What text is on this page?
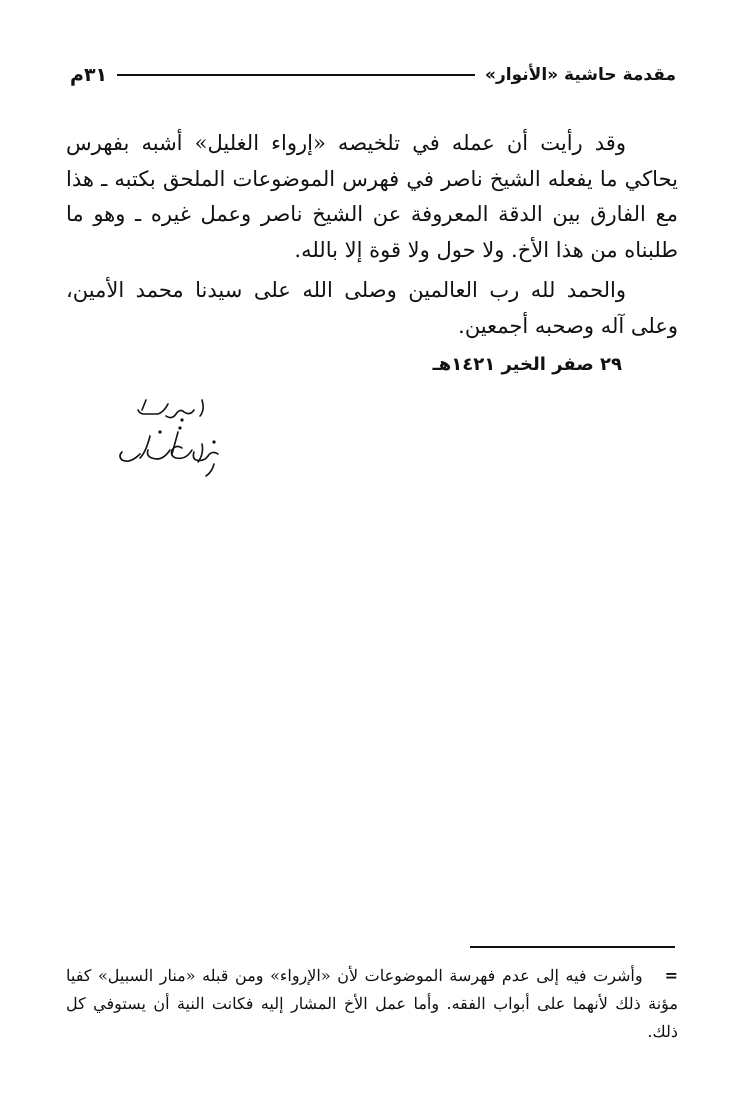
مقدمة حاشية «الأنوار»
٣١م

وقد رأيت أن عمله في تلخيصه «إرواء الغليل» أشبه بفهرس يحاكي ما يفعله الشيخ ناصر في فهرس الموضوعات الملحق بكتبه ـ هذا مع الفارق بين الدقة المعروفة عن الشيخ ناصر وعمل غيره ـ وهو ما طلبناه من هذا الأخ. ولا حول ولا قوة إلا بالله.

والحمد لله رب العالمين وصلى الله على سيدنا محمد الأمين، وعلى آله وصحبه أجمعين.

٢٩ صفر الخير ١٤٢١هـ
=وأشرت فيه إلى عدم فهرسة الموضوعات لأن «الإرواء» ومن قبله «منار السبيل» كفيا مؤنة ذلك لأنهما على أبواب الفقه. وأما عمل الأخ المشار إليه فكانت النية أن يستوفي كل ذلك.
